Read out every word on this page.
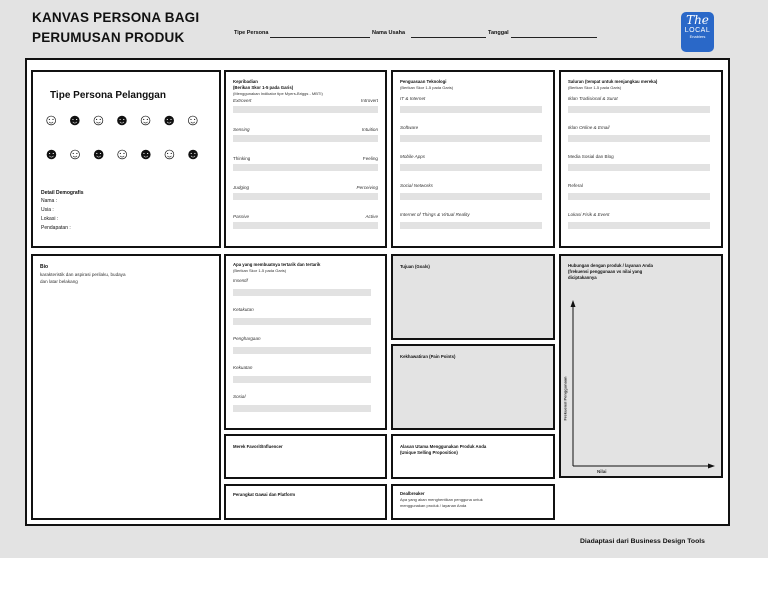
KANVAS PERSONA BAGI
PERUMUSAN PRODUK	Tipe Persona	Nama Usaha	Tanggal
The
LOCAL
Enablers
Tipe Persona Pelanggan
☺☻☺☻☺☻☺
☻☺☻☺☻☺☻
Detail Demografis
Nama :
Usia :
Lokasi :
Pendapatan :
Kepribadian
(Berikan Skor 1-5 pada Garis)
(Menggunakan Indikator tipe Myers-Briggs - MBTI)
Extrovert	Introvert
Sensing	Intuition
Thinking	Feeling
Judging	Perceiving
Passive	Active
Penguasaan Teknologi
(Berikan Skor 1-5 pada Garis)
IT & Internet
Software
Mobile Apps
Social Networks
Internet of Things & Virtual Reality
Saluran (tempat untuk menjangkau mereka)
(Berikan Skor 1-5 pada Garis)
Iklan Tradisional & Surat
Iklan Online & Email
Media Sosial dan Blog
Referal
Lokasi Fisik & Event
Bio
karakteristik dan aspirasi perilaku, budaya
dan latar belakang
Apa yang membuatnya tertarik dan tertarik
(Berikan Skor 1-5 pada Garis)
Insentif
Ketakutan
Penghargaan
Kekuatan
Sosial
Tujuan (Goals)
Kekhawatiran (Pain Points)
Hubungan dengan produk / layanan Anda
(frekuensi penggunaan vs nilai yang
diciptakannya
Frekuensi Penggunaan
Nilai
Merek Favorit/Influencer	Alasan Utama Menggunakan Produk Anda
(Unique Selling Proposition)
Perangkat Gawai dan Platform	Dealbreaker
Apa yang akan menghentikan pengguna untuk
menggunakan produk / layanan Anda
Diadaptasi dari Business Design Tools
